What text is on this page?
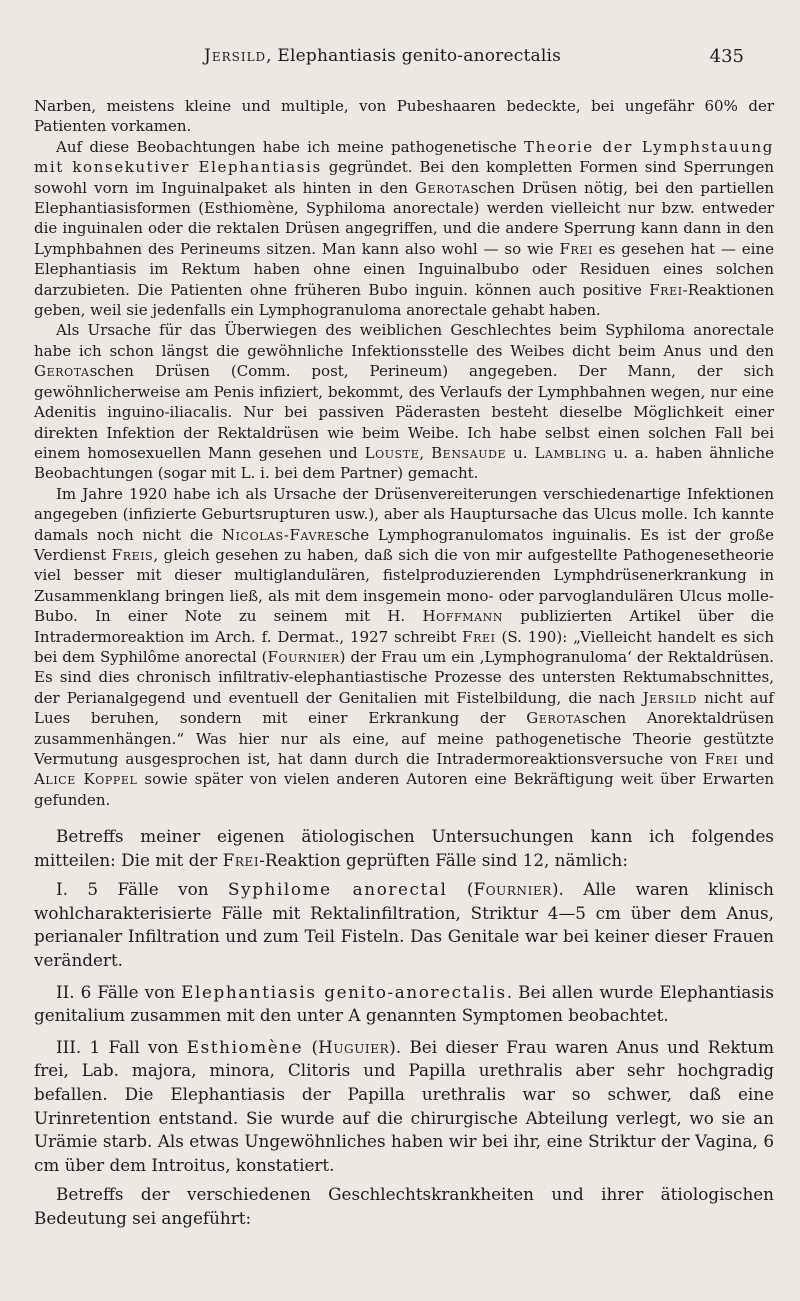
Jersild, Elephantiasis genito-anorectalis	435

Narben, meistens kleine und multiple, von Pubeshaaren bedeckte, bei ungefähr 60% der Patienten vorkamen.

Auf diese Beobachtungen habe ich meine pathogenetische Theorie der Lymphstauung mit konsekutiver Elephantiasis gegründet. Bei den kompletten Formen sind Sperrungen sowohl vorn im Inguinalpaket als hinten in den Gerotaschen Drüsen nötig, bei den partiellen Elephantiasisformen (Esthiomène, Syphiloma anorectale) werden vielleicht nur bzw. entweder die inguinalen oder die rektalen Drüsen angegriffen, und die andere Sperrung kann dann in den Lymphbahnen des Perineums sitzen. Man kann also wohl — so wie Frei es gesehen hat — eine Elephantiasis im Rektum haben ohne einen Inguinalbubo oder Residuen eines solchen darzubieten. Die Patienten ohne früheren Bubo inguin. können auch positive Frei-Reaktionen geben, weil sie jedenfalls ein Lymphogranuloma anorectale gehabt haben.

Als Ursache für das Überwiegen des weiblichen Geschlechtes beim Syphiloma anorectale habe ich schon längst die gewöhnliche Infektionsstelle des Weibes dicht beim Anus und den Gerotaschen Drüsen (Comm. post, Perineum) angegeben. Der Mann, der sich gewöhnlicherweise am Penis infiziert, bekommt, des Verlaufs der Lymphbahnen wegen, nur eine Adenitis inguino-iliacalis. Nur bei passiven Päderasten besteht dieselbe Möglichkeit einer direkten Infektion der Rektaldrüsen wie beim Weibe. Ich habe selbst einen solchen Fall bei einem homosexuellen Mann gesehen und Louste, Bensaude u. Lambling u. a. haben ähnliche Beobachtungen (sogar mit L. i. bei dem Partner) gemacht.

Im Jahre 1920 habe ich als Ursache der Drüsenvereiterungen verschiedenartige Infektionen angegeben (infizierte Geburtsrupturen usw.), aber als Hauptursache das Ulcus molle. Ich kannte damals noch nicht die Nicolas-Favresche Lymphogranulomatos inguinalis. Es ist der große Verdienst Freis, gleich gesehen zu haben, daß sich die von mir aufgestellte Pathogenesetheorie viel besser mit dieser multiglandulären, fistelproduzierenden Lymphdrüsenerkrankung in Zusammenklang bringen ließ, als mit dem insgemein mono- oder parvoglandulären Ulcus molle-Bubo. In einer Note zu seinem mit H. Hoffmann publizierten Artikel über die Intradermoreaktion im Arch. f. Dermat., 1927 schreibt Frei (S. 190): „Vielleicht handelt es sich bei dem Syphilôme anorectal (Fournier) der Frau um ein ‚Lymphogranuloma‘ der Rektaldrüsen. Es sind dies chronisch infiltrativ-elephantiastische Prozesse des untersten Rektumabschnittes, der Perianalgegend und eventuell der Genitalien mit Fistelbildung, die nach Jersild nicht auf Lues beruhen, sondern mit einer Erkrankung der Gerotaschen Anorektaldrüsen zusammenhängen.“ Was hier nur als eine, auf meine pathogenetische Theorie gestützte Vermutung ausgesprochen ist, hat dann durch die Intradermoreaktionsversuche von Frei und Alice Koppel sowie später von vielen anderen Autoren eine Bekräftigung weit über Erwarten gefunden.

Betreffs meiner eigenen ätiologischen Untersuchungen kann ich folgendes mitteilen: Die mit der Frei-Reaktion geprüften Fälle sind 12, nämlich:

I. 5 Fälle von Syphilome anorectal (Fournier). Alle waren klinisch wohlcharakterisierte Fälle mit Rektalinfiltration, Striktur 4—5 cm über dem Anus, perianaler Infiltration und zum Teil Fisteln. Das Genitale war bei keiner dieser Frauen verändert.

II. 6 Fälle von Elephantiasis genito-anorectalis. Bei allen wurde Elephantiasis genitalium zusammen mit den unter A genannten Symptomen beobachtet.

III. 1 Fall von Esthiomène (Huguier). Bei dieser Frau waren Anus und Rektum frei, Lab. majora, minora, Clitoris und Papilla urethralis aber sehr hochgradig befallen. Die Elephantiasis der Papilla urethralis war so schwer, daß eine Urinretention entstand. Sie wurde auf die chirurgische Abteilung verlegt, wo sie an Urämie starb. Als etwas Ungewöhnliches haben wir bei ihr, eine Striktur der Vagina, 6 cm über dem Introitus, konstatiert.

Betreffs der verschiedenen Geschlechtskrankheiten und ihrer ätiologischen Bedeutung sei angeführt:
